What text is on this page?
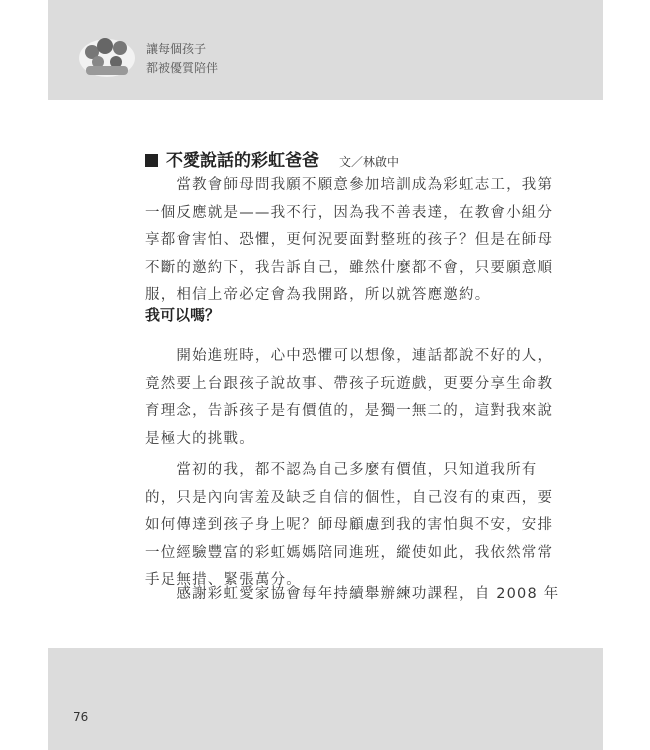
讓每個孩子
都被優質陪伴
不愛說話的彩虹爸爸 文／林啟中
　　當教會師母問我願不願意參加培訓成為彩虹志工，我第
一個反應就是——我不行，因為我不善表達，在教會小組分
享都會害怕、恐懼，更何況要面對整班的孩子？但是在師母
不斷的邀約下，我告訴自己，雖然什麼都不會，只要願意順
服，相信上帝必定會為我開路，所以就答應邀約。
我可以嗎？
　　開始進班時，心中恐懼可以想像，連話都說不好的人，
竟然要上台跟孩子說故事、帶孩子玩遊戲，更要分享生命教
育理念，告訴孩子是有價值的，是獨一無二的，這對我來說
是極大的挑戰。
　　當初的我，都不認為自己多麼有價值，只知道我所有
的，只是內向害羞及缺乏自信的個性，自己沒有的東西，要
如何傳達到孩子身上呢？師母顧慮到我的害怕與不安，安排
一位經驗豐富的彩虹媽媽陪同進班，縱使如此，我依然常常
手足無措、緊張萬分。
　　感謝彩虹愛家協會每年持續舉辦練功課程，自 2008 年
76
